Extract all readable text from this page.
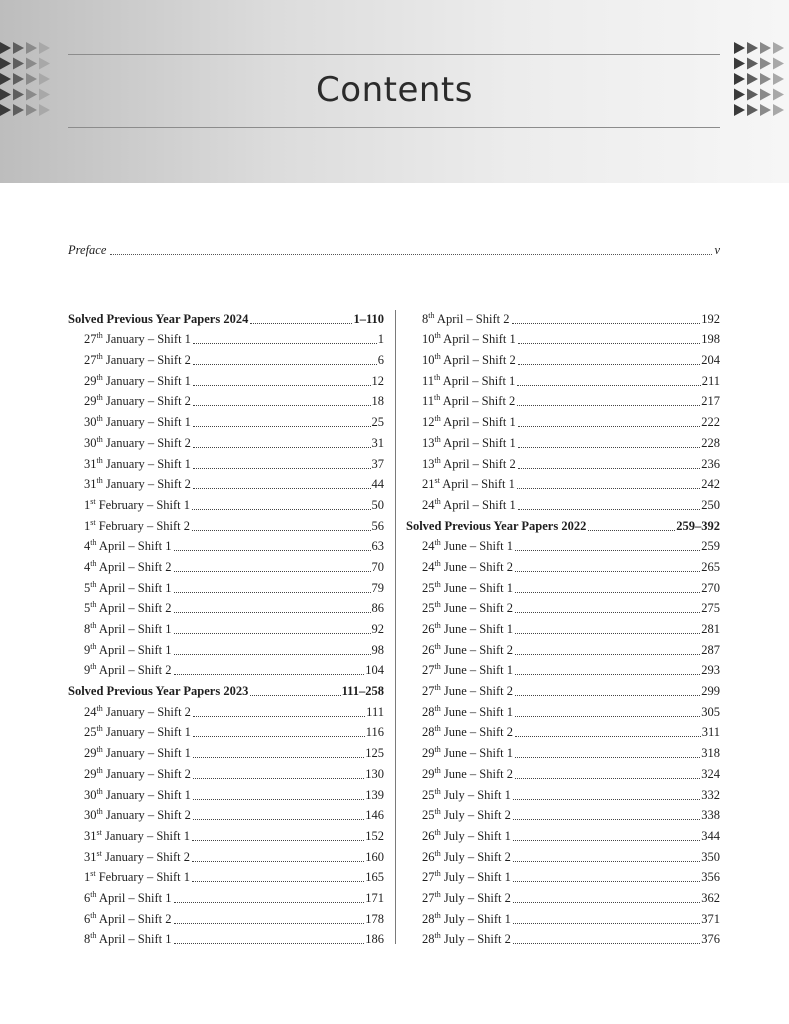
Contents
Preface	v
Solved Previous Year Papers 2024	1–110
27th January – Shift 1	1
27th January – Shift 2	6
29th January – Shift 1	12
29th January – Shift 2	18
30th January – Shift 1	25
30th January – Shift 2	31
31th January – Shift 1	37
31th January – Shift 2	44
1st February – Shift 1	50
1st February – Shift 2	56
4th April – Shift 1	63
4th April – Shift 2	70
5th April – Shift 1	79
5th April – Shift 2	86
8th April – Shift 1	92
9th April – Shift 1	98
9th April – Shift 2	104
Solved Previous Year Papers 2023	111–258
24th January – Shift 2	111
25th January – Shift 1	116
29th January – Shift 1	125
29th January – Shift 2	130
30th January – Shift 1	139
30th January – Shift 2	146
31st January – Shift 1	152
31st January – Shift 2	160
1st February – Shift 1	165
6th April – Shift 1	171
6th April – Shift 2	178
8th April – Shift 1	186
8th April – Shift 2	192
10th April – Shift 1	198
10th April – Shift 2	204
11th April – Shift 1	211
11th April – Shift 2	217
12th April – Shift 1	222
13th April – Shift 1	228
13th April – Shift 2	236
21st April – Shift 1	242
24th April – Shift 1	250
Solved Previous Year Papers 2022	259–392
24th June – Shift 1	259
24th June – Shift 2	265
25th June – Shift 1	270
25th June – Shift 2	275
26th June – Shift 1	281
26th June – Shift 2	287
27th June – Shift 1	293
27th June – Shift 2	299
28th June – Shift 1	305
28th June – Shift 2	311
29th June – Shift 1	318
29th June – Shift 2	324
25th July – Shift 1	332
25th July – Shift 2	338
26th July – Shift 1	344
26th July – Shift 2	350
27th July – Shift 1	356
27th July – Shift 2	362
28th July – Shift 1	371
28th July – Shift 2	376
